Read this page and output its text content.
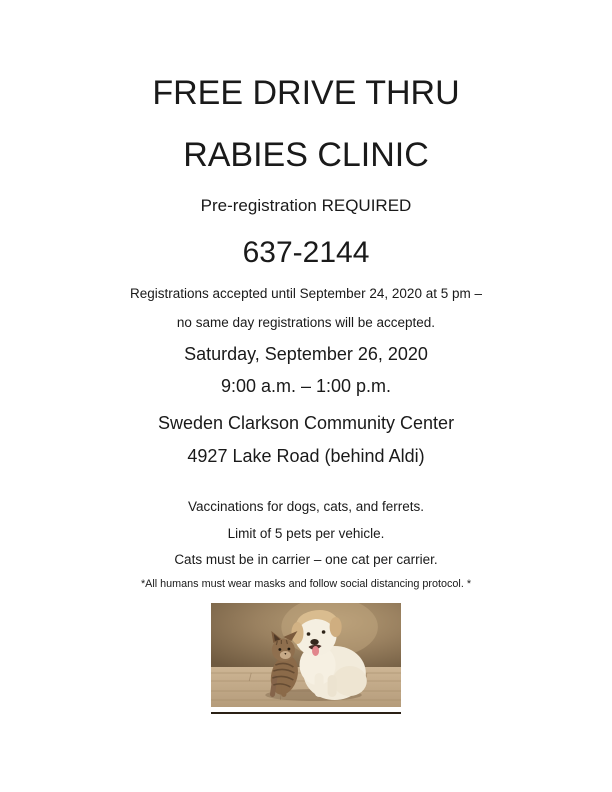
FREE DRIVE THRU
RABIES CLINIC
Pre-registration REQUIRED
637-2144
Registrations accepted until September 24, 2020 at 5 pm –
no same day registrations will be accepted.
Saturday, September 26, 2020
9:00 a.m. – 1:00 p.m.
Sweden Clarkson Community Center
4927 Lake Road (behind Aldi)
Vaccinations for dogs, cats, and ferrets.
Limit of 5 pets per vehicle.
Cats must be in carrier – one cat per carrier.
*All humans must wear masks and follow social distancing protocol. *
